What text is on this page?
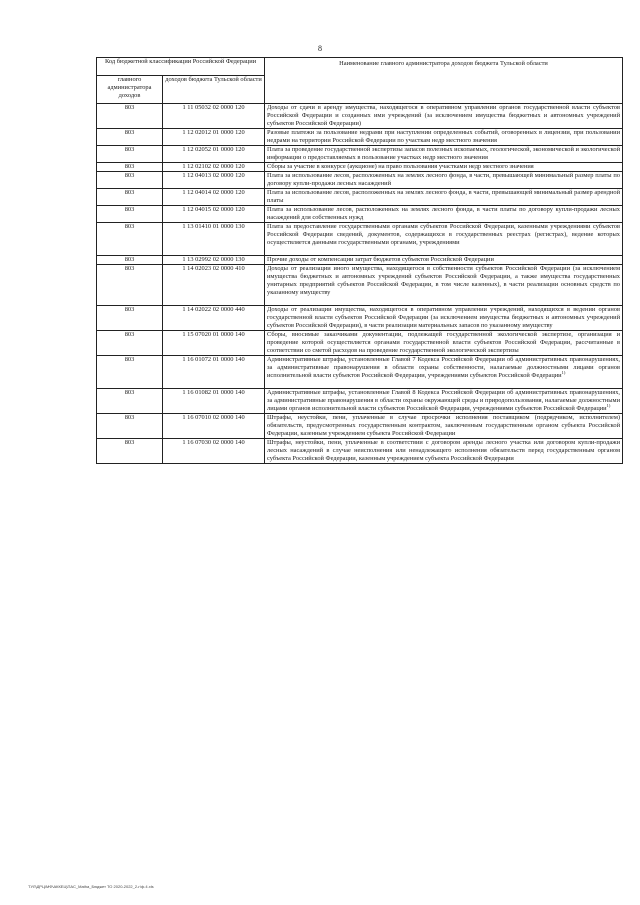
8
Код бюджетной классификации Российской Федерации		Наименование главного администратора доходов бюджета Тульской области
главного администратора доходов	доходов бюджета Тульской области	
803	1 11 05032 02 0000 120	Доходы от сдачи в аренду имущества, находящегося в оперативном управлении органов государственной власти субъектов Российской Федерации и созданных ими учреждений (за исключением имущества бюджетных и автономных учреждений субъектов Российской Федерации)
803	1 12 02012 01 0000 120	Разовые платежи за пользование недрами при наступлении определенных событий, оговоренных в лицензии, при пользовании недрами на территории Российской Федерации по участкам недр местного значения
803	1 12 02052 01 0000 120	Плата за проведение государственной экспертизы запасов полезных ископаемых, геологической, экономической и экологической информации о предоставляемых в пользование участках недр местного значения
803	1 12 02102 02 0000 120	Сборы за участие в конкурсе (аукционе) на право пользования участками недр местного значения
803	1 12 04013 02 0000 120	Плата за использование лесов, расположенных на землях лесного фонда, в части, превышающей минимальный размер платы по договору купли-продажи лесных насаждений
803	1 12 04014 02 0000 120	Плата за использование лесов, расположенных на землях лесного фонда, в части, превышающей минимальный размер арендной платы
803	1 12 04015 02 0000 120	Плата за использование лесов, расположенных на землях лесного фонда, в части платы по договору купли-продажи лесных насаждений для собственных нужд
803	1 13 01410 01 0000 130	Плата за предоставление государственными органами субъектов Российской Федерации, казенными учреждениями субъектов Российской Федерации сведений, документов, содержащихся в государственных реестрах (регистрах), ведение которых осуществляется данными государственными органами, учреждениями
803	1 13 02992 02 0000 130	Прочие доходы от компенсации затрат бюджетов субъектов Российской Федерации
803	1 14 02023 02 0000 410	Доходы от реализации иного имущества, находящегося в собственности субъектов Российской Федерации (за исключением имущества бюджетных и автономных учреждений субъектов Российской Федерации, а также имущества государственных унитарных предприятий субъектов Российской Федерации, в том числе казенных), в части реализации основных средств по указанному имуществу
803	1 14 02022 02 0000 440	Доходы от реализации имущества, находящегося в оперативном управлении учреждений, находящихся в ведении органов государственной власти субъектов Российской Федерации (за исключением имущества бюджетных и автономных учреждений субъектов Российской Федерации), в части реализации материальных запасов по указанному имуществу
803	1 15 07020 01 0000 140	Сборы, вносимые заказчиками документации, подлежащей государственной экологической экспертизе, организация и проведение которой осуществляется органами государственной власти субъектов Российской Федерации, рассчитанные в соответствии со сметой расходов на проведение государственной экологической экспертизы
803	1 16 01072 01 0000 140	Административные штрафы, установленные Главой 7 Кодекса Российской Федерации об административных правонарушениях, за административные правонарушения в области охраны собственности, налагаемые должностными лицами органов исполнительной власти субъектов Российской Федерации, учреждениями субъектов Российской Федерации$^{1)}$
803	1 16 01082 01 0000 140	Административные штрафы, установленные Главой 8 Кодекса Российской Федерации об административных правонарушениях, за административные правонарушения в области охраны окружающей среды и природопользования, налагаемые должностными лицами органов исполнительной власти субъектов Российской Федерации, учреждениями субъектов Российской Федерации$^{1)}$
803	1 16 07010 02 0000 140	Штрафы, неустойки, пени, уплаченные в случае просрочки исполнения поставщиком (подрядчиком, исполнителем) обязательств, предусмотренных государственным контрактом, заключенным государственным органом субъекта Российской Федерации, казенным учреждением субъекта Российской Федерации
803	1 16 07030 02 0000 140	Штрафы, неустойки, пени, уплаченные в соответствии с договором аренды лесного участка или договором купли-продажи лесных насаждений в случае неисполнения или ненадлежащего исполнения обязательств перед государственным органом субъекта Российской Федерации, казенным учреждением субъекта Российской Федерации
ТУЛ\ДРЦ\МФ\АККЕЦ\ПАС_Matha_Бюджет ТО 2020-2022_2-г\ф.4.xls
